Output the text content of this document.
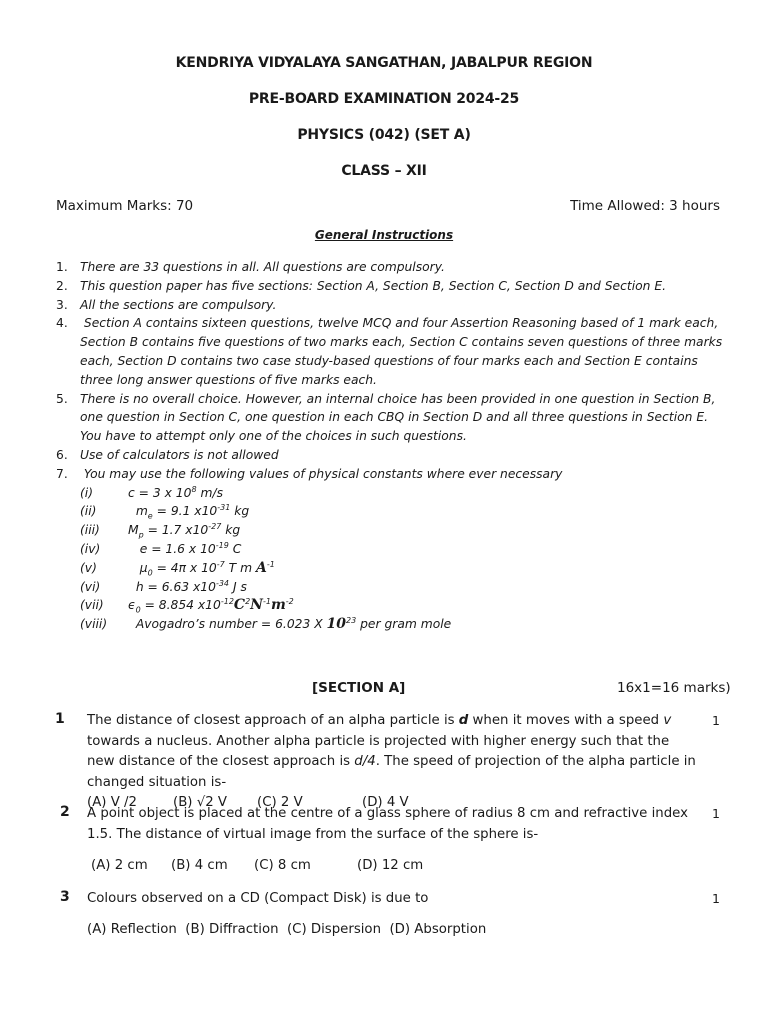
KENDRIYA VIDYALAYA SANGATHAN, JABALPUR REGION
PRE-BOARD EXAMINATION 2024-25
PHYSICS (042) (SET A)
CLASS – XII
Maximum Marks: 70	Time Allowed: 3 hours
General Instructions
1. There are 33 questions in all. All questions are compulsory.
2. This question paper has five sections: Section A, Section B, Section C, Section D and Section E.
3. All the sections are compulsory.
4. Section A contains sixteen questions, twelve MCQ and four Assertion Reasoning based of 1 mark each, Section B contains five questions of two marks each, Section C contains seven questions of three marks each, Section D contains two case study-based questions of four marks each and Section E contains three long answer questions of five marks each.
5. There is no overall choice. However, an internal choice has been provided in one question in Section B, one question in Section C, one question in each CBQ in Section D and all three questions in Section E. You have to attempt only one of the choices in such questions.
6. Use of calculators is not allowed
7. You may use the following values of physical constants where ever necessary
(i)	c = 3 x $10^8$ m/s
(ii)	$m_e = 9.1$ $x10^{-31}$ kg
(iii)	$M_p = 1.7$ $x10^{-27}$ kg
(iv)	e = 1.6 x $10^{-19}$ C
(v)	$\mu_0 = 4\pi$ x $10^{-7}$ T m 𝑨$^{-1}$
(vi)	h = 6.63 $x10^{-34}$ J s
(vii)	$\epsilon_0 = 8.854$ $x10^{-12}𝑪^2𝑵^{-1}𝒎^{-2}$
(viii)	Avogadro’s number = 6.023 X $10^{23}$ per gram mole
[SECTION A]	16x1=16 marks)
1 The distance of closest approach of an alpha particle is d when it moves with a speed v towards a nucleus. Another alpha particle is projected with higher energy such that the new distance of the closest approach is d/4. The speed of projection of the alpha particle in changed situation is-
(A) V /2	(B) √2 V	(C) 2 V	(D) 4 V
1
2 A point object is placed at the centre of a glass sphere of radius 8 cm and refractive index 1.5. The distance of virtual image from the surface of the sphere is-
(A) 2 cm	(B) 4 cm	(C) 8 cm	(D) 12 cm
1
3 Colours observed on a CD (Compact Disk) is due to
(A) Reflection  (B) Diffraction  (C) Dispersion  (D) Absorption
1
